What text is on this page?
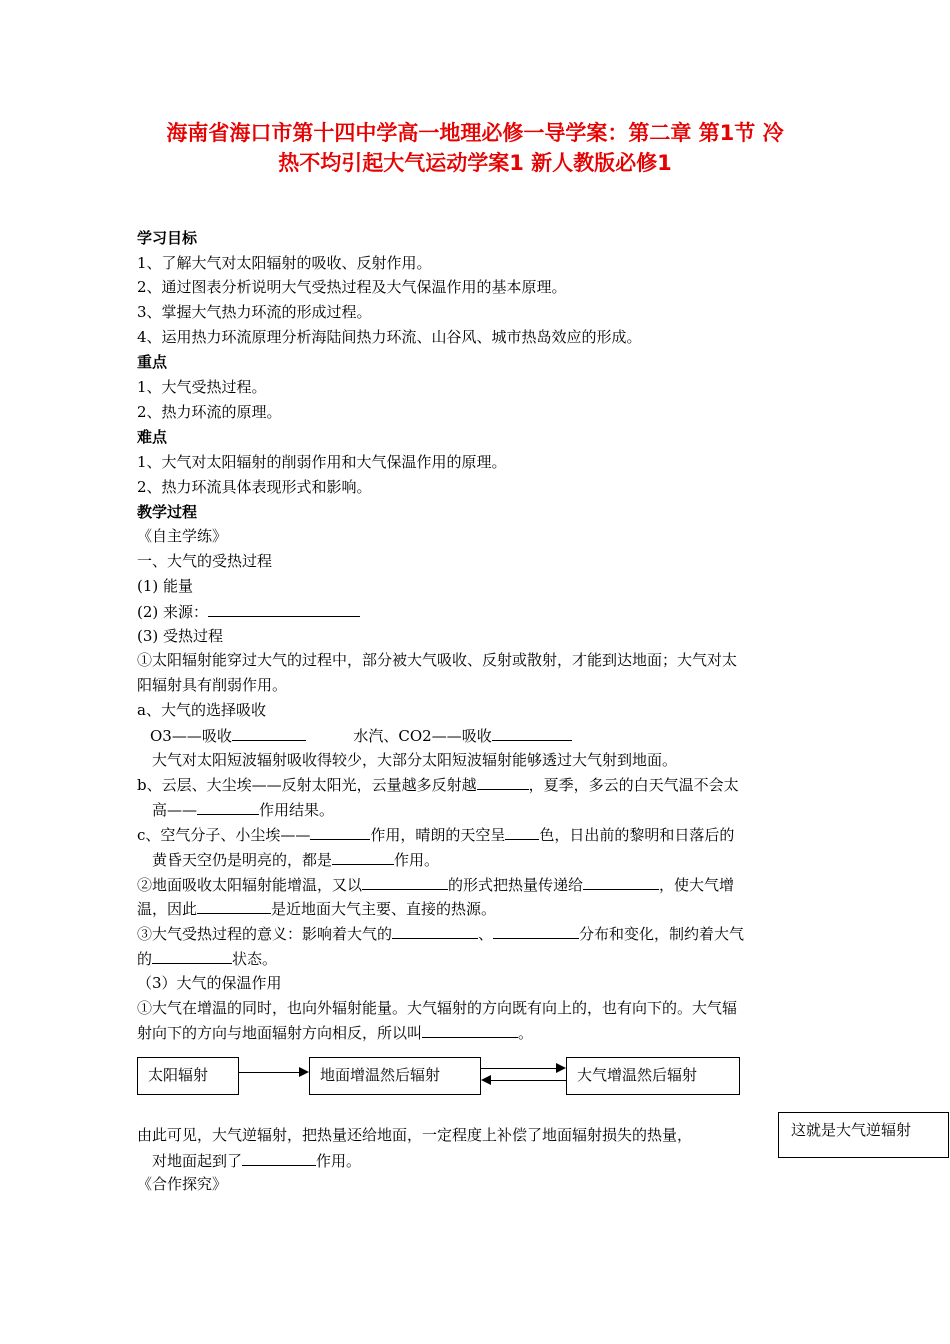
海南省海口市第十四中学高一地理必修一导学案：第二章 第1节 冷
热不均引起大气运动学案1 新人教版必修1
学习目标
1、了解大气对太阳辐射的吸收、反射作用。
2、通过图表分析说明大气受热过程及大气保温作用的基本原理。
3、掌握大气热力环流的形成过程。
4、运用热力环流原理分析海陆间热力环流、山谷风、城市热岛效应的形成。
重点
1、大气受热过程。
2、热力环流的原理。
难点
1、大气对太阳辐射的削弱作用和大气保温作用的原理。
2、热力环流具体表现形式和影响。
教学过程
《自主学练》
一、大气的受热过程
(1) 能量
(2) 来源：
(3) 受热过程
①太阳辐射能穿过大气的过程中，部分被大气吸收、反射或散射，才能到达地面；大气对太
阳辐射具有削弱作用。
a、大气的选择吸收
O3——吸收	水汽、CO2——吸收
大气对太阳短波辐射吸收得较少，大部分太阳短波辐射能够透过大气射到地面。
b、云层、大尘埃——反射太阳光，云量越多反射越	，夏季，多云的白天气温不会太
高——	作用结果。
c、空气分子、小尘埃——	作用，晴朗的天空呈 色，日出前的黎明和日落后的
黄昏天空仍是明亮的，都是	作用。
②地面吸收太阳辐射能增温，又以	的形式把热量传递给	，使大气增
温，因此	是近地面大气主要、直接的热源。
③大气受热过程的意义：影响着大气的	、	分布和变化，制约着大气
的	状态。
（3）大气的保温作用
①大气在增温的同时，也向外辐射能量。大气辐射的方向既有向上的，也有向下的。大气辐
射向下的方向与地面辐射方向相反，所以叫	。
太阳辐射	地面增温然后辐射	大气增温然后辐射
由此可见，大气逆辐射，把热量还给地面，一定程度上补偿了地面辐射损失的热量，
对地面起到了	作用。
这就是大气逆辐射
《合作探究》
